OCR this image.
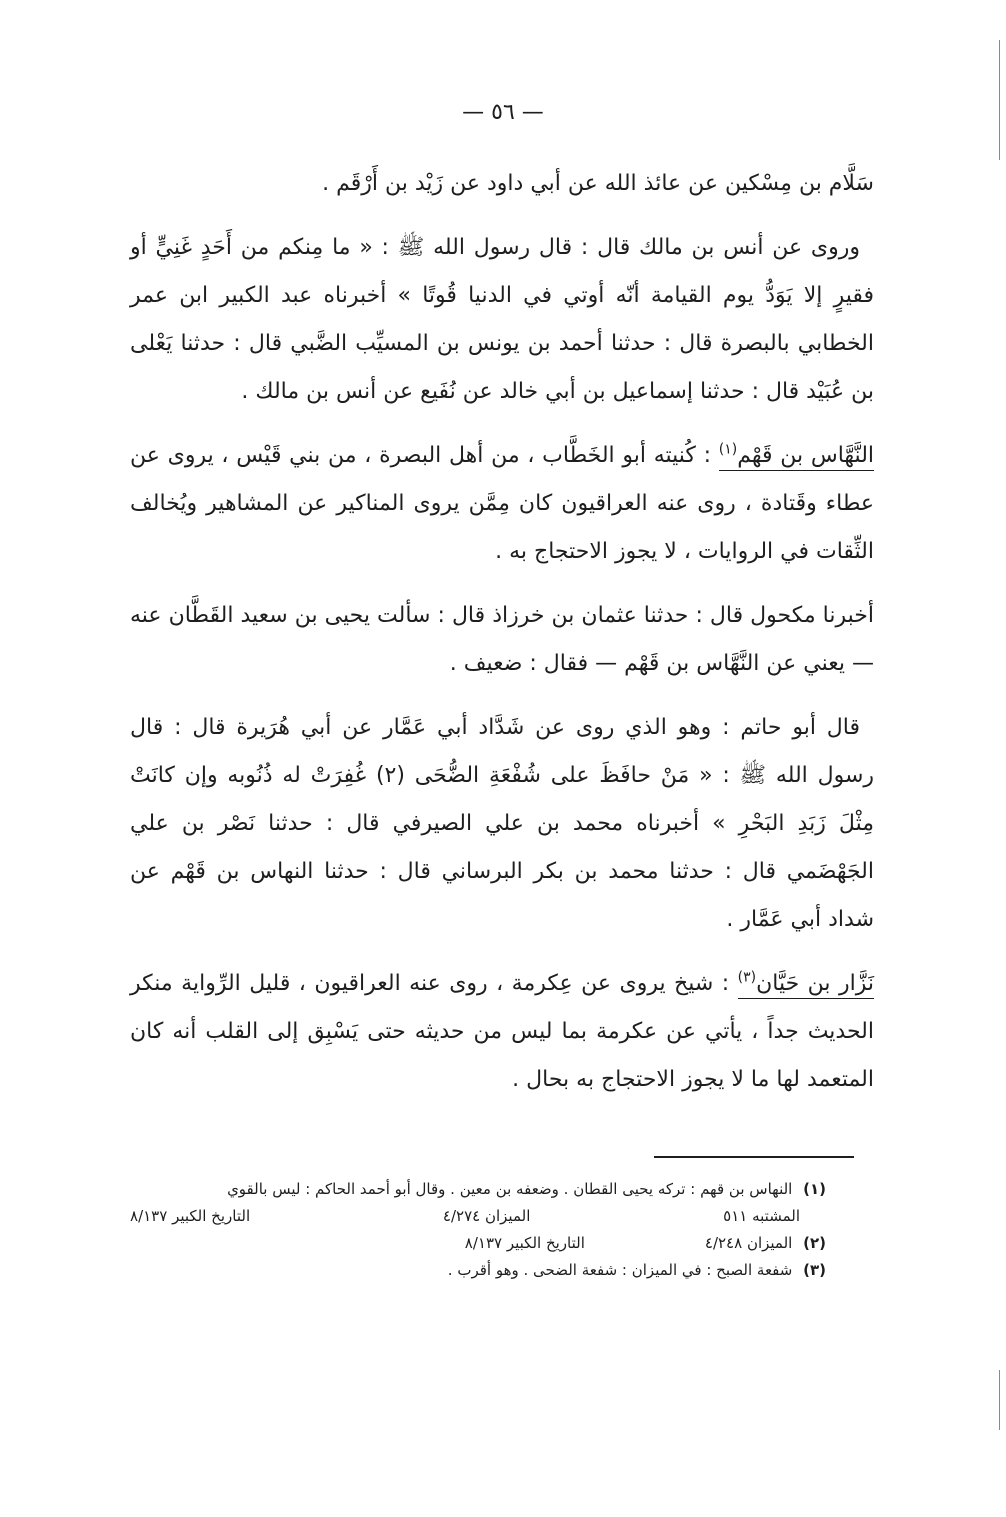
— ٥٦ —

سَلَّام بن مِسْكين عن عائذ الله عن أبي داود عن زَيْد بن أَرْقَم .

وروى عن أنس بن مالك قال : قال رسول الله ﷺ : « ما مِنكم من أَحَدٍ غَنِيٍّ أو فقيرٍ إلا يَوَدُّ يوم القيامة أنّه أوتي في الدنيا قُوتًا » أخبرناه عبد الكبير ابن عمر الخطابي بالبصرة قال : حدثنا أحمد بن يونس بن المسيِّب الضَّبي قال : حدثنا يَعْلى بن عُبَيْد قال : حدثنا إسماعيل بن أبي خالد عن نُفَيع عن أنس بن مالك .

النَّهَّاس بن قَهْم$^{(١)}$ : كُنيته أبو الخَطَّاب ، من أهل البصرة ، من بني قَيْس ، يروى عن عطاء وقَتادة ، روى عنه العراقيون كان مِمَّن يروى المناكير عن المشاهير ويُخالف الثِّقات في الروايات ، لا يجوز الاحتجاج به .

أخبرنا مكحول قال : حدثنا عثمان بن خرزاذ قال : سألت يحيى بن سعيد القَطَّان عنه — يعني عن النَّهَّاس بن قَهْم — فقال : ضعيف .

قال أبو حاتم : وهو الذي روى عن شَدَّاد أبي عَمَّار عن أبي هُرَيرة قال : قال رسول الله ﷺ : « مَنْ حافَظَ على شُفْعَةِ الضُّحَى (٢) غُفِرَتْ له ذُنُوبه وإن كانَتْ مِثْلَ زَبَدِ البَحْرِ » أخبرناه محمد بن علي الصيرفي قال : حدثنا نَصْر بن علي الجَهْضَمي قال : حدثنا محمد بن بكر البرساني قال : حدثنا النهاس بن قَهْم عن شداد أبي عَمَّار .

نَزَّار بن حَيَّان$^{(٣)}$ : شيخ يروى عن عِكرمة ، روى عنه العراقيون ، قليل الرِّواية منكر الحديث جداً ، يأتي عن عكرمة بما ليس من حديثه حتى يَسْبِق إلى القلب أنه كان المتعمد لها ما لا يجوز الاحتجاج به بحال .

(١) النهاس بن قهم : تركه يحيى القطان . وضعفه بن معين . وقال أبو أحمد الحاكم : ليس بالقوي

المشتبه ٥١١
الميزان ٤/٢٧٤
التاريخ الكبير ٨/١٣٧
(٢) الميزان ٤/٢٤٨
التاريخ الكبير ٨/١٣٧

(٣) شفعة الصبح : في الميزان : شفعة الضحى . وهو أقرب .
